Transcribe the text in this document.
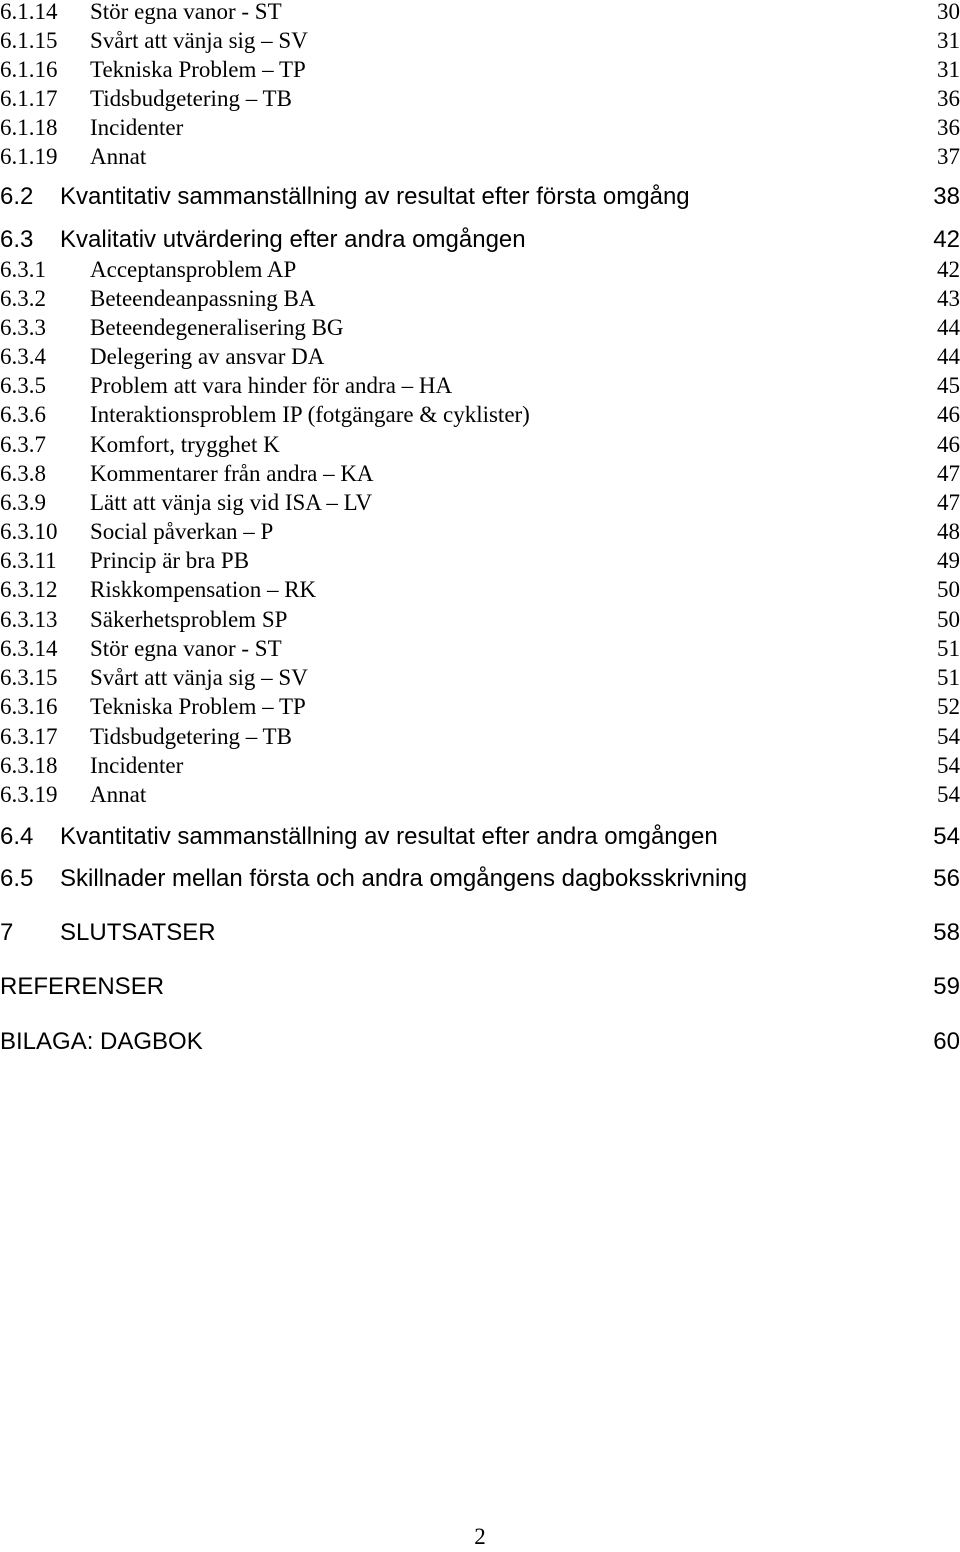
6.1.14 Stör egna vanor - ST	30
6.1.15 Svårt att vänja sig – SV	31
6.1.16 Tekniska Problem – TP	31
6.1.17 Tidsbudgetering – TB	36
6.1.18 Incidenter	36
6.1.19 Annat	37
6.2 Kvantitativ sammanställning av resultat efter första omgång	38
6.3 Kvalitativ utvärdering efter andra omgången	42
6.3.1 Acceptansproblem AP	42
6.3.2 Beteendeanpassning BA	43
6.3.3 Beteendegeneralisering BG	44
6.3.4 Delegering av ansvar DA	44
6.3.5 Problem att vara hinder för andra – HA	45
6.3.6 Interaktionsproblem IP (fotgängare & cyklister)	46
6.3.7 Komfort, trygghet K	46
6.3.8 Kommentarer från andra – KA	47
6.3.9 Lätt att vänja sig vid ISA – LV	47
6.3.10 Social påverkan – P	48
6.3.11 Princip är bra PB	49
6.3.12 Riskkompensation – RK	50
6.3.13 Säkerhetsproblem SP	50
6.3.14 Stör egna vanor - ST	51
6.3.15 Svårt att vänja sig – SV	51
6.3.16 Tekniska Problem – TP	52
6.3.17 Tidsbudgetering – TB	54
6.3.18 Incidenter	54
6.3.19 Annat	54
6.4 Kvantitativ sammanställning av resultat efter andra omgången	54
6.5 Skillnader mellan första och andra omgångens dagboksskrivning	56
7 SLUTSATSER	58
REFERENSER	59
BILAGA: DAGBOK	60
2
